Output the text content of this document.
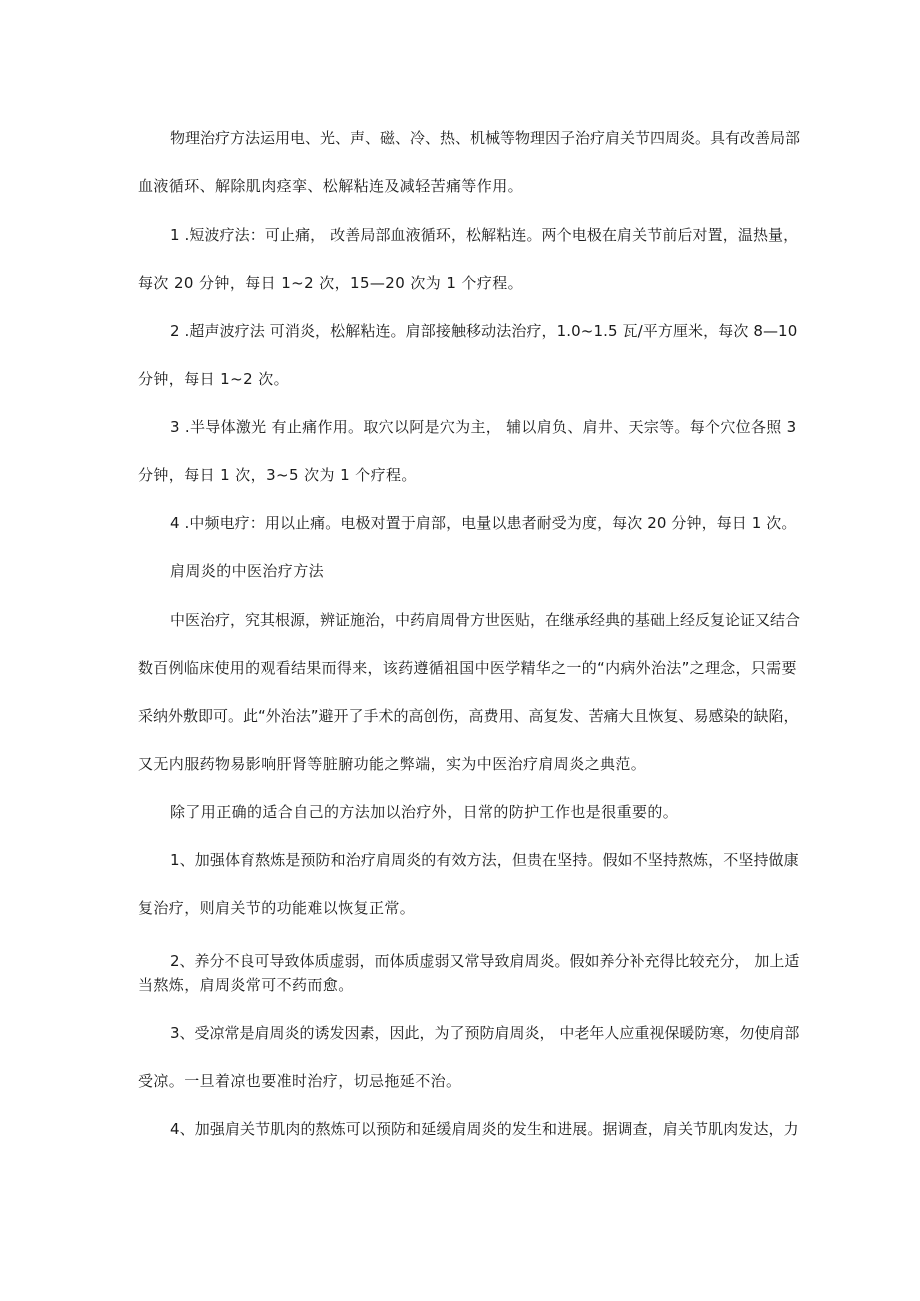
物理治疗方法运用电、光、声、磁、冷、热、机械等物理因子治疗肩关节四周炎。具有改善局部

血液循环、解除肌肉痉挛、松解粘连及减轻苦痛等作用。

1 .短波疗法：可止痛， 改善局部血液循环，松解粘连。两个电极在肩关节前后对置，温热量，

每次 20 分钟，每日 1~2 次，15—20 次为 1 个疗程。

2 .超声波疗法 可消炎，松解粘连。肩部接触移动法治疗，1.0~1.5 瓦/平方厘米，每次 8—10

分钟，每日 1~2 次。

3 .半导体激光 有止痛作用。取穴以阿是穴为主， 辅以肩负、肩井、天宗等。每个穴位各照 3

分钟，每日 1 次，3~5 次为 1 个疗程。

4 .中频电疗：用以止痛。电极对置于肩部，电量以患者耐受为度，每次 20 分钟，每日 1 次。

肩周炎的中医治疗方法

中医治疗，究其根源，辨证施治，中药肩周骨方世医贴，在继承经典的基础上经反复论证又结合

数百例临床使用的观看结果而得来，该药遵循祖国中医学精华之一的“内病外治法”之理念，只需要

采纳外敷即可。此“外治法”避开了手术的高创伤，高费用、高复发、苦痛大且恢复、易感染的缺陷，

又无内服药物易影响肝肾等脏腑功能之弊端，实为中医治疗肩周炎之典范。

除了用正确的适合自己的方法加以治疗外，日常的防护工作也是很重要的。

1、加强体育熬炼是预防和治疗肩周炎的有效方法，但贵在坚持。假如不坚持熬炼，不坚持做康

复治疗，则肩关节的功能难以恢复正常。

2、养分不良可导致体质虚弱，而体质虚弱又常导致肩周炎。假如养分补充得比较充分， 加上适

当熬炼，肩周炎常可不药而愈。

3、受凉常是肩周炎的诱发因素，因此，为了预防肩周炎， 中老年人应重视保暖防寒，勿使肩部

受凉。一旦着凉也要准时治疗，切忌拖延不治。

4、加强肩关节肌肉的熬炼可以预防和延缓肩周炎的发生和进展。据调查，肩关节肌肉发达，力
